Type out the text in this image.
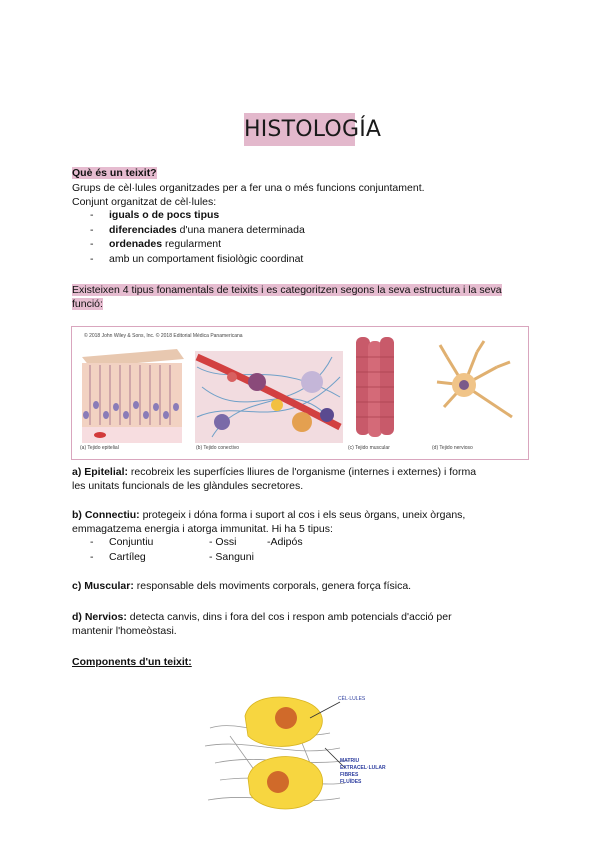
HISTOLOGÍA
Què és un teixit?
Grups de cèl·lules organitzades per a fer una o més funcions conjuntament.
Conjunt organitzat de cèl·lules:
- iguals o de pocs tipus
- diferenciades d'una manera determinada
- ordenades regularment
- amb un comportament fisiològic coordinat
Existeixen 4 tipus fonamentals de teixits i es categoritzen segons la seva estructura i la seva
funció:
© 2018 John Wiley & Sons, Inc. © 2018 Editorial Médica Panamericana
(a) Tejido epitelial	(b) Tejido conectivo	(c) Tejido muscular	(d) Tejido nervioso
a) Epitelial: recobreix les superfícies lliures de l'organisme (internes i externes) i forma
les unitats funcionals de les glàndules secretores.
b) Connectiu: protegeix i dóna forma i suport al cos i els seus òrgans, uneix òrgans,
emmagatzema energia i atorga immunitat. Hi ha 5 tipus:
- Conjuntiu	- Ossi	-Adipós
- Cartíleg	- Sanguni
c) Muscular: responsable dels moviments corporals, genera força física.
d) Nervios: detecta canvis, dins i fora del cos i respon amb potencials d'acció per
mantenir l'homeòstasi.
Components d'un teixit:
CÈL·LULES
MATRIU
EXTRACEL·LULAR
FIBRES
FLUÏDES
